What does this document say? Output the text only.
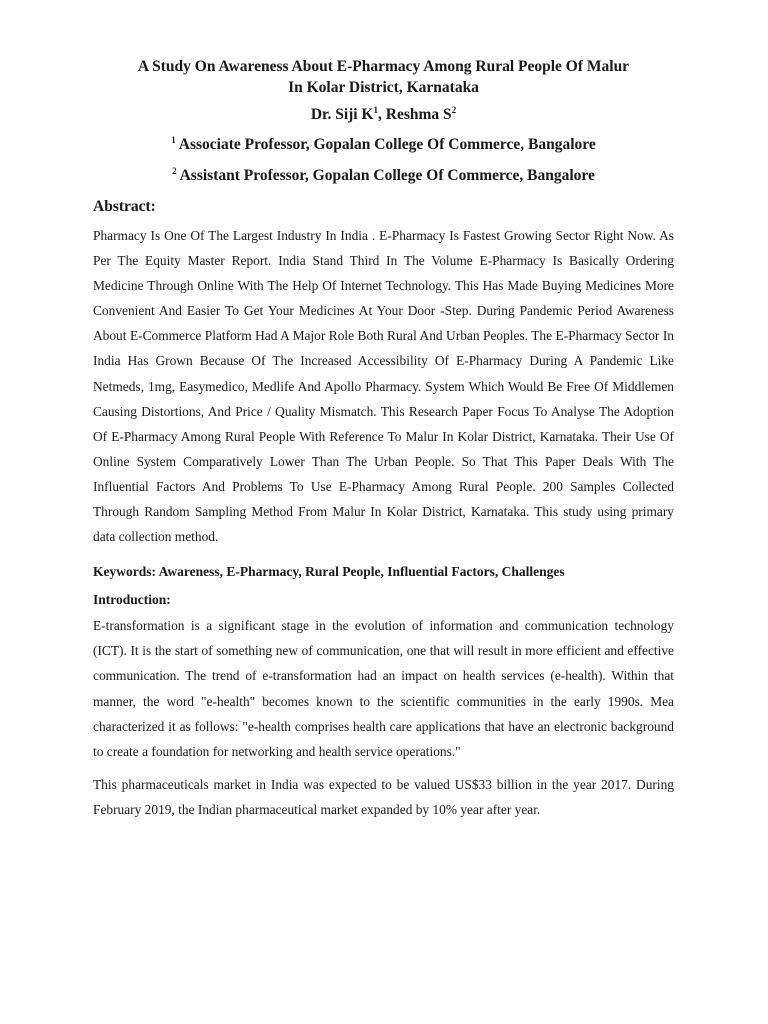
A Study On Awareness About E-Pharmacy Among Rural People Of Malur
In Kolar District, Karnataka

Dr. Siji $K^1$, Reshma $S^2$

$^1$ Associate Professor, Gopalan College Of Commerce, Bangalore

$^2$ Assistant Professor, Gopalan College Of Commerce, Bangalore

Abstract:

Pharmacy Is One Of The Largest Industry In India . E-Pharmacy Is Fastest Growing Sector Right Now. As Per The Equity Master Report. India Stand Third In The Volume E-Pharmacy Is Basically Ordering Medicine Through Online With The Help Of Internet Technology. This Has Made Buying Medicines More Convenient And Easier To Get Your Medicines At Your Door -Step. During Pandemic Period Awareness About E-Commerce Platform Had A Major Role Both Rural And Urban Peoples. The E-Pharmacy Sector In India Has Grown Because Of The Increased Accessibility Of E-Pharmacy During A Pandemic Like Netmeds, 1mg, Easymedico, Medlife And Apollo Pharmacy. System Which Would Be Free Of Middlemen Causing Distortions, And Price / Quality Mismatch. This Research Paper Focus To Analyse The Adoption Of E-Pharmacy Among Rural People With Reference To Malur In Kolar District, Karnataka. Their Use Of Online System Comparatively Lower Than The Urban People. So That This Paper Deals With The Influential Factors And Problems To Use E-Pharmacy Among Rural People. 200 Samples Collected Through Random Sampling Method From Malur In Kolar District, Karnataka. This study using primary data collection method.

Keywords: Awareness, E-Pharmacy, Rural People, Influential Factors, Challenges

Introduction:

E-transformation is a significant stage in the evolution of information and communication technology (ICT). It is the start of something new of communication, one that will result in more efficient and effective communication. The trend of e-transformation had an impact on health services (e-health). Within that manner, the word "e-health" becomes known to the scientific communities in the early 1990s. Mea characterized it as follows: "e-health comprises health care applications that have an electronic background to create a foundation for networking and health service operations."

This pharmaceuticals market in India was expected to be valued US$33 billion in the year 2017. During February 2019, the Indian pharmaceutical market expanded by 10% year after year.
